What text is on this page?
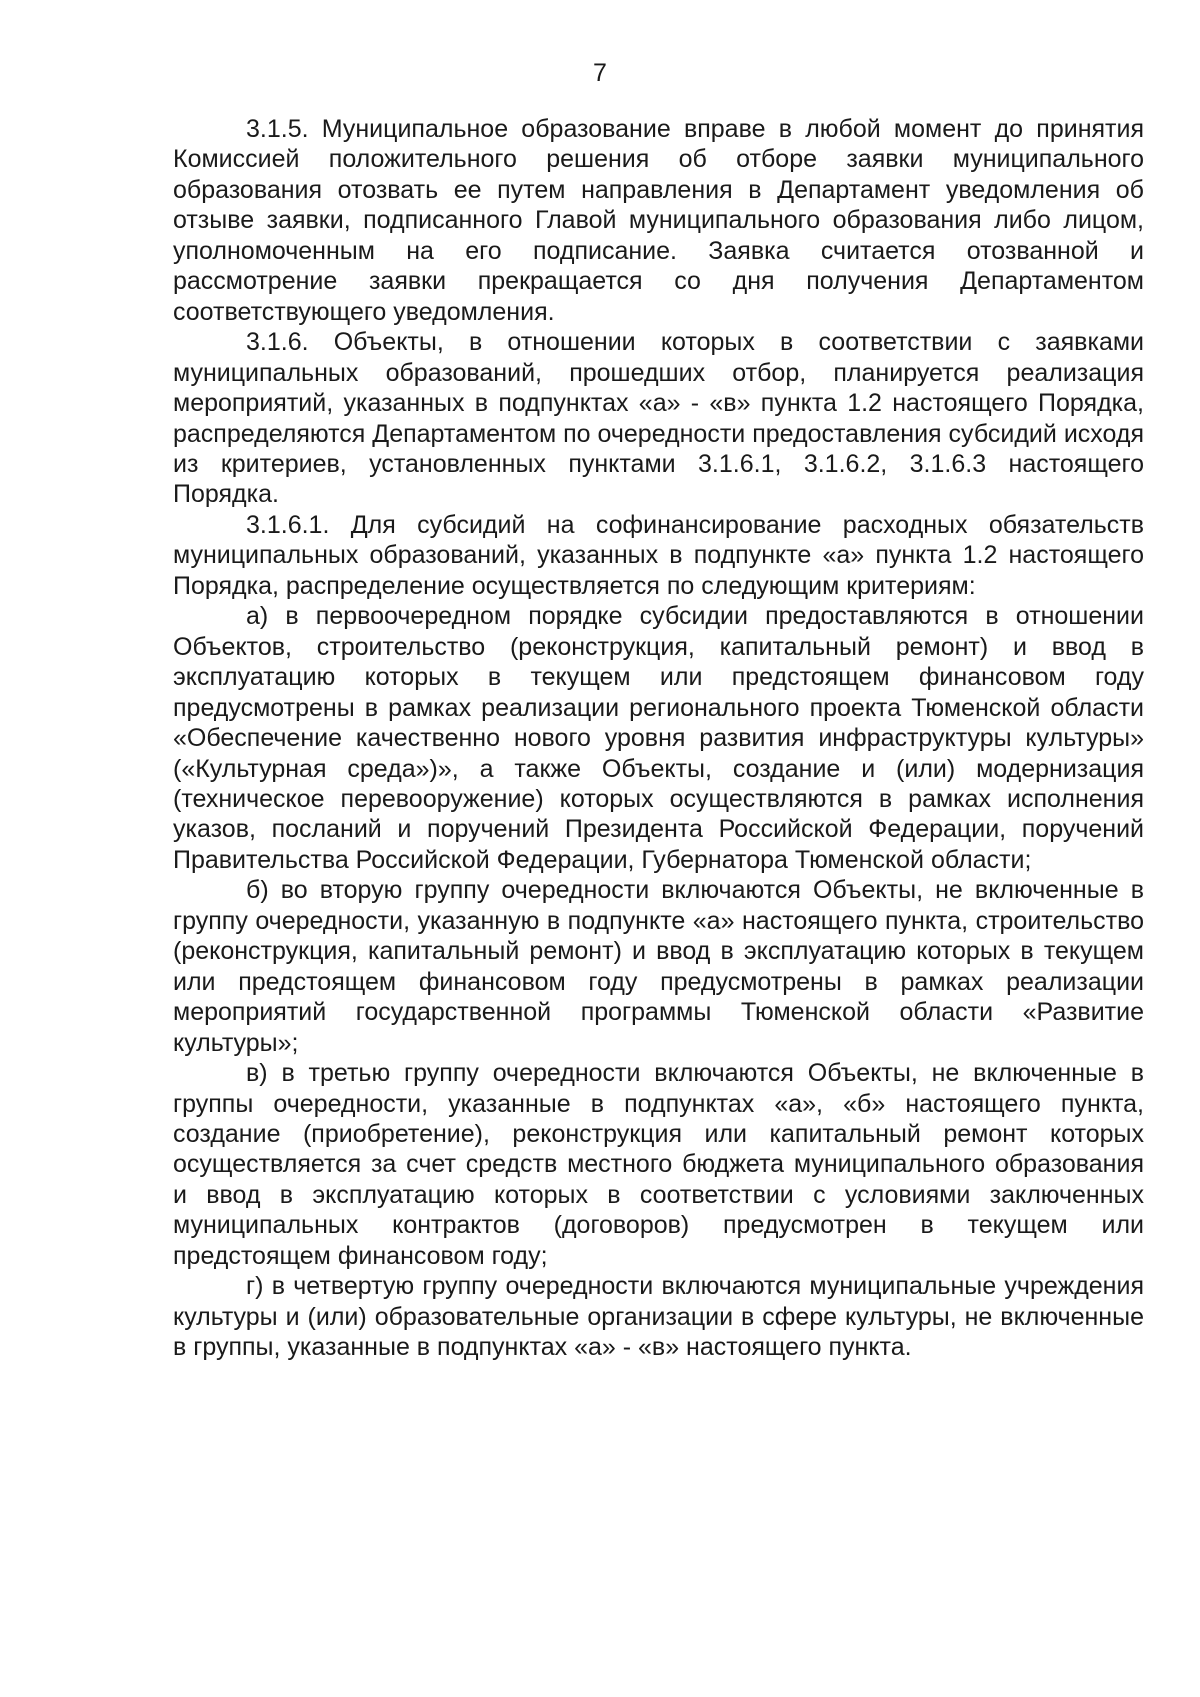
7

3.1.5. Муниципальное образование вправе в любой момент до принятия Комиссией положительного решения об отборе заявки муниципального образования отозвать ее путем направления в Департамент уведомления об отзыве заявки, подписанного Главой муниципального образования либо лицом, уполномоченным на его подписание. Заявка считается отозванной и рассмотрение заявки прекращается со дня получения Департаментом соответствующего уведомления.

3.1.6. Объекты, в отношении которых в соответствии с заявками муниципальных образований, прошедших отбор, планируется реализация мероприятий, указанных в подпунктах «а» - «в» пункта 1.2 настоящего Порядка, распределяются Департаментом по очередности предоставления субсидий исходя из критериев, установленных пунктами 3.1.6.1, 3.1.6.2, 3.1.6.3 настоящего Порядка.

3.1.6.1. Для субсидий на софинансирование расходных обязательств муниципальных образований, указанных в подпункте «а» пункта 1.2 настоящего Порядка, распределение осуществляется по следующим критериям:

а) в первоочередном порядке субсидии предоставляются в отношении Объектов, строительство (реконструкция, капитальный ремонт) и ввод в эксплуатацию которых в текущем или предстоящем финансовом году предусмотрены в рамках реализации регионального проекта Тюменской области «Обеспечение качественно нового уровня развития инфраструктуры культуры» («Культурная среда»)», а также Объекты, создание и (или) модернизация (техническое перевооружение) которых осуществляются в рамках исполнения указов, посланий и поручений Президента Российской Федерации, поручений Правительства Российской Федерации, Губернатора Тюменской области;

б) во вторую группу очередности включаются Объекты, не включенные в группу очередности, указанную в подпункте «а» настоящего пункта, строительство (реконструкция, капитальный ремонт) и ввод в эксплуатацию которых в текущем или предстоящем финансовом году предусмотрены в рамках реализации мероприятий государственной программы Тюменской области «Развитие культуры»;

в) в третью группу очередности включаются Объекты, не включенные в группы очередности, указанные в подпунктах «а», «б» настоящего пункта, создание (приобретение), реконструкция или капитальный ремонт которых осуществляется за счет средств местного бюджета муниципального образования и ввод в эксплуатацию которых в соответствии с условиями заключенных муниципальных контрактов (договоров) предусмотрен в текущем или предстоящем финансовом году;

г) в четвертую группу очередности включаются муниципальные учреждения культуры и (или) образовательные организации в сфере культуры, не включенные в группы, указанные в подпунктах «а» - «в» настоящего пункта.
